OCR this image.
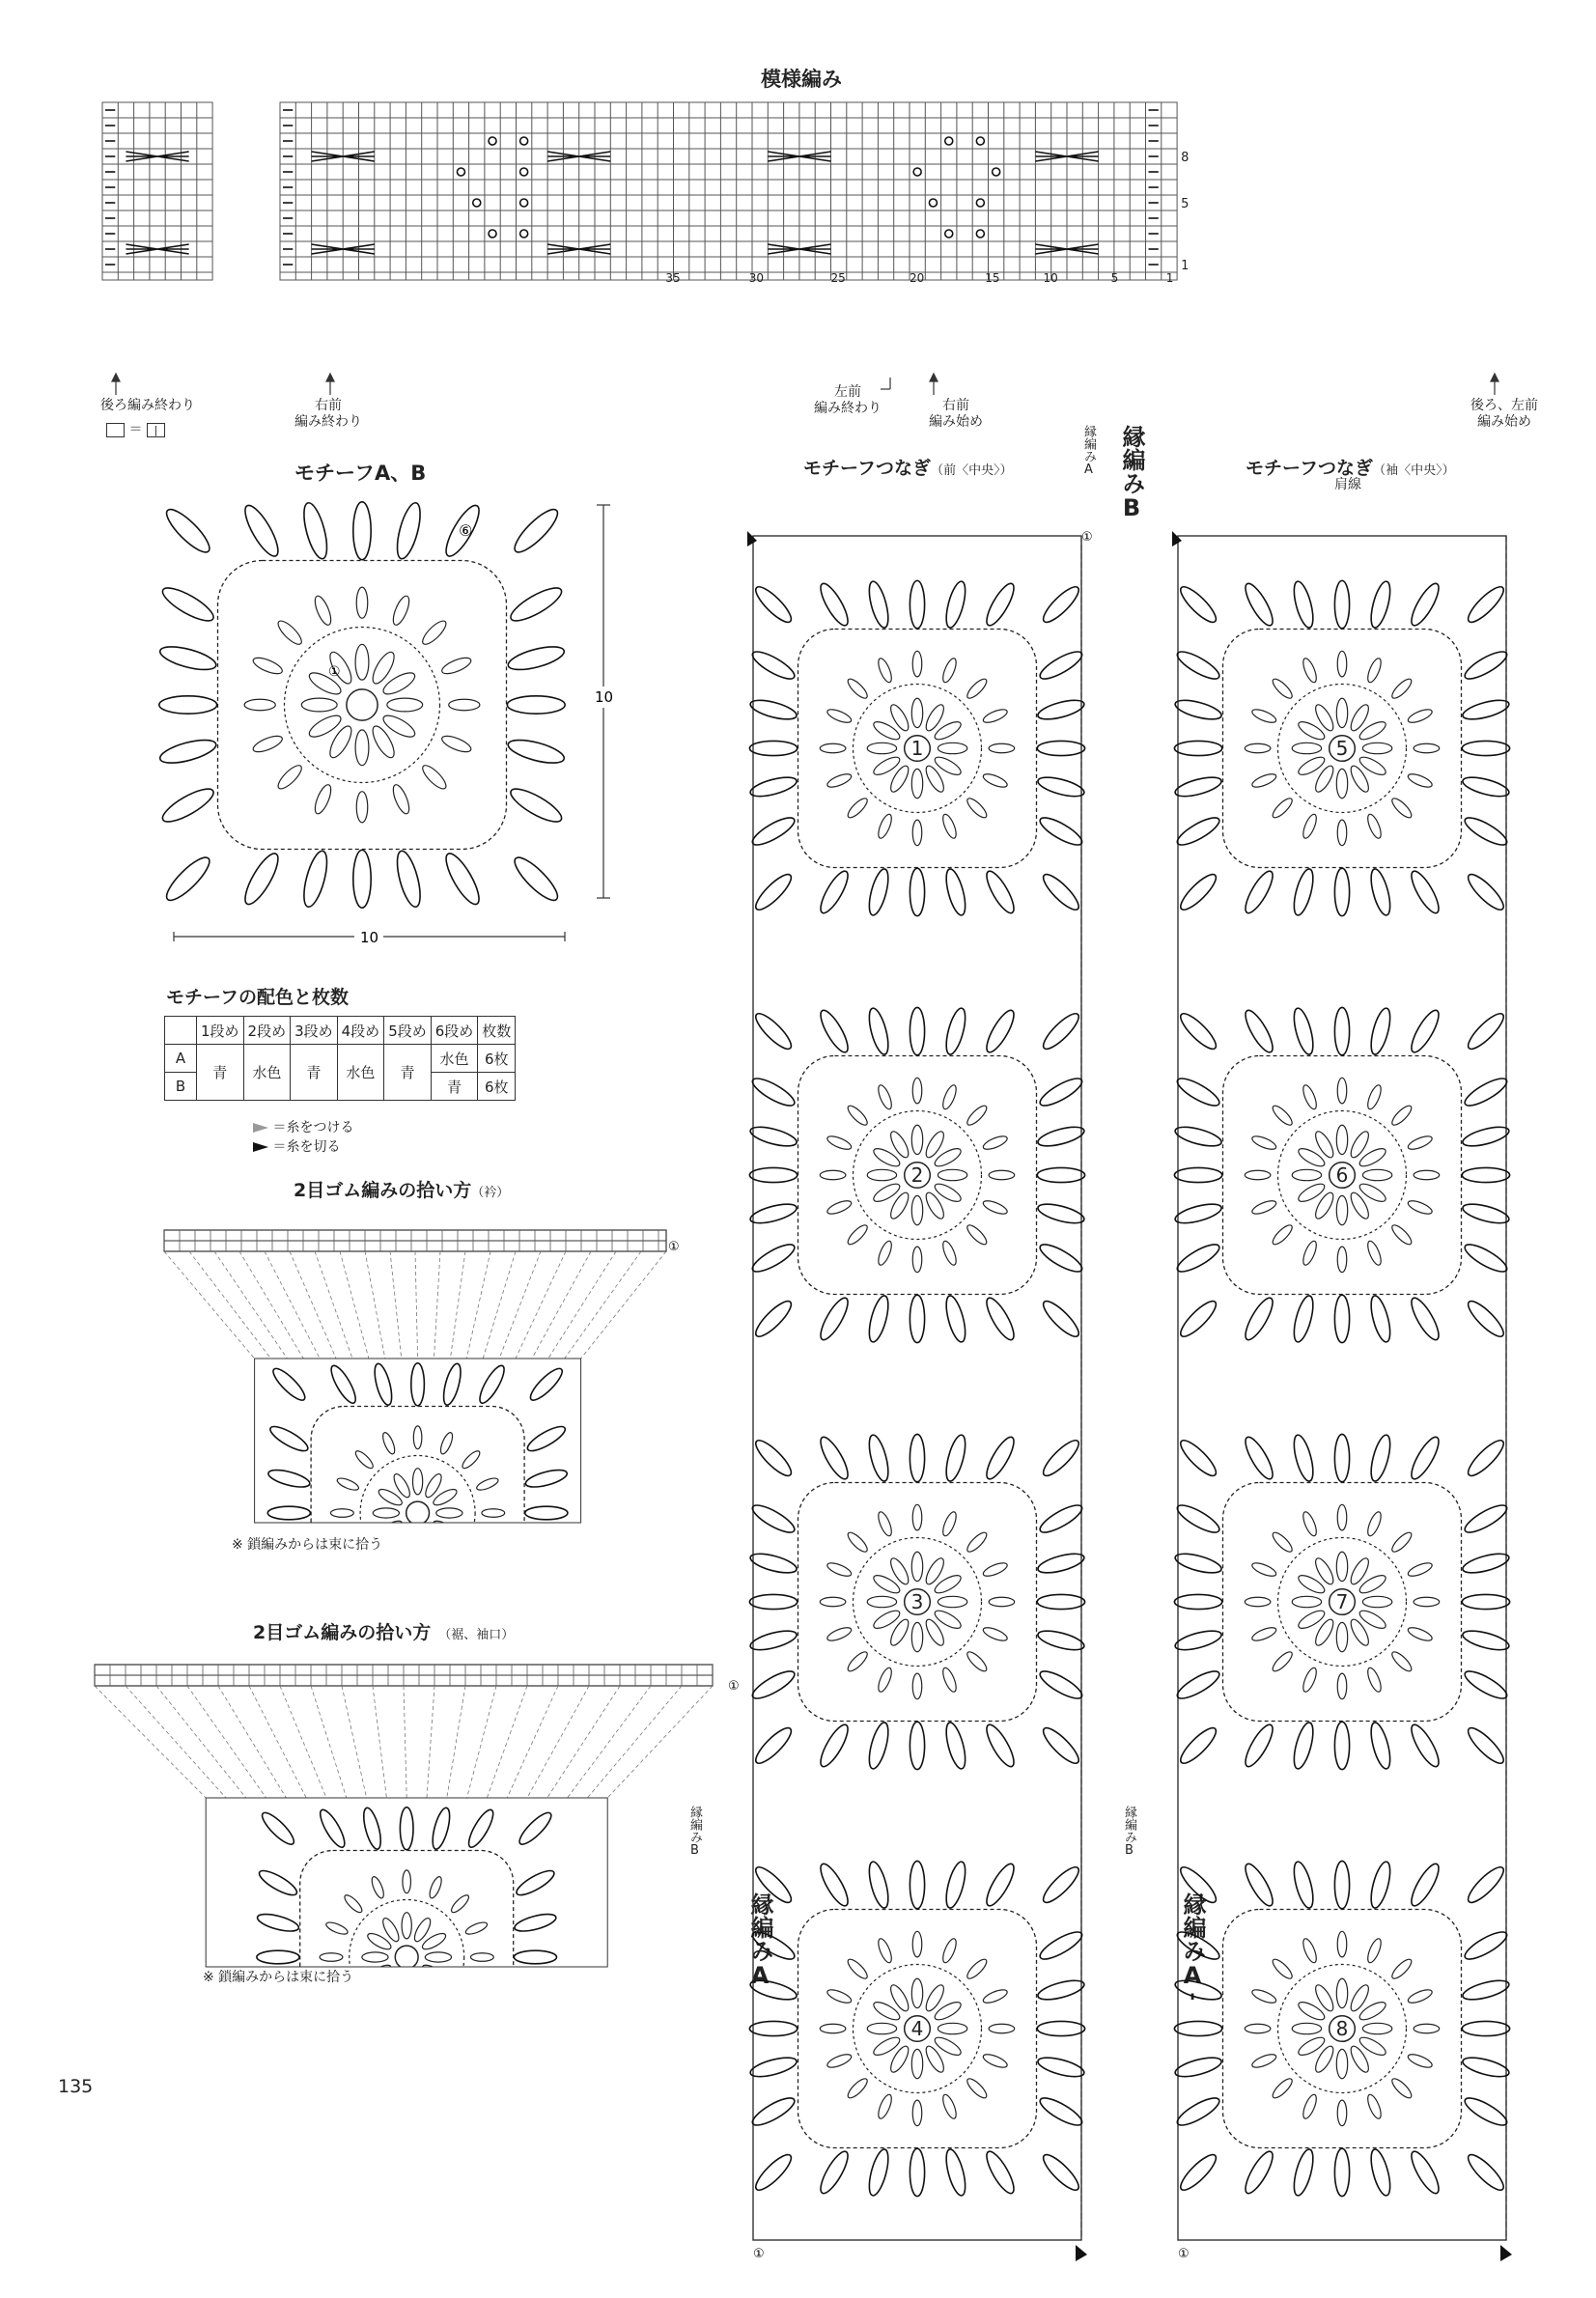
模様編み
35	30	25	20	15	10	5	1
8
5
1
後ろ編み終わり
＝ |
右前
編み終わり
左前
編み終わり	右前
編み始め
後ろ、左前
編み始め
モチーフA、B
⑥
①
10
10
モチーフの配色と枚数
	1段め	2段め	3段め	4段め	5段め	6段め	枚数
A	青	水色	青	水色	青	水色	6枚
B						青	6枚
＝糸をつける
＝糸を切る
2目ゴム編みの拾い方（衿）
①
※ 鎖編みからは束に拾う
2目ゴム編みの拾い方 （裾、袖口）
①
※ 鎖編みからは束に拾う
モチーフつなぎ（前〈中央〉）	縁編みA 縁編みB
縁編みB
縁編みA
1
2
3
4
①
①
モチーフつなぎ（袖〈中央〉）
肩線
縁編みB
縁編みA'
5
6
7
8
①
135
